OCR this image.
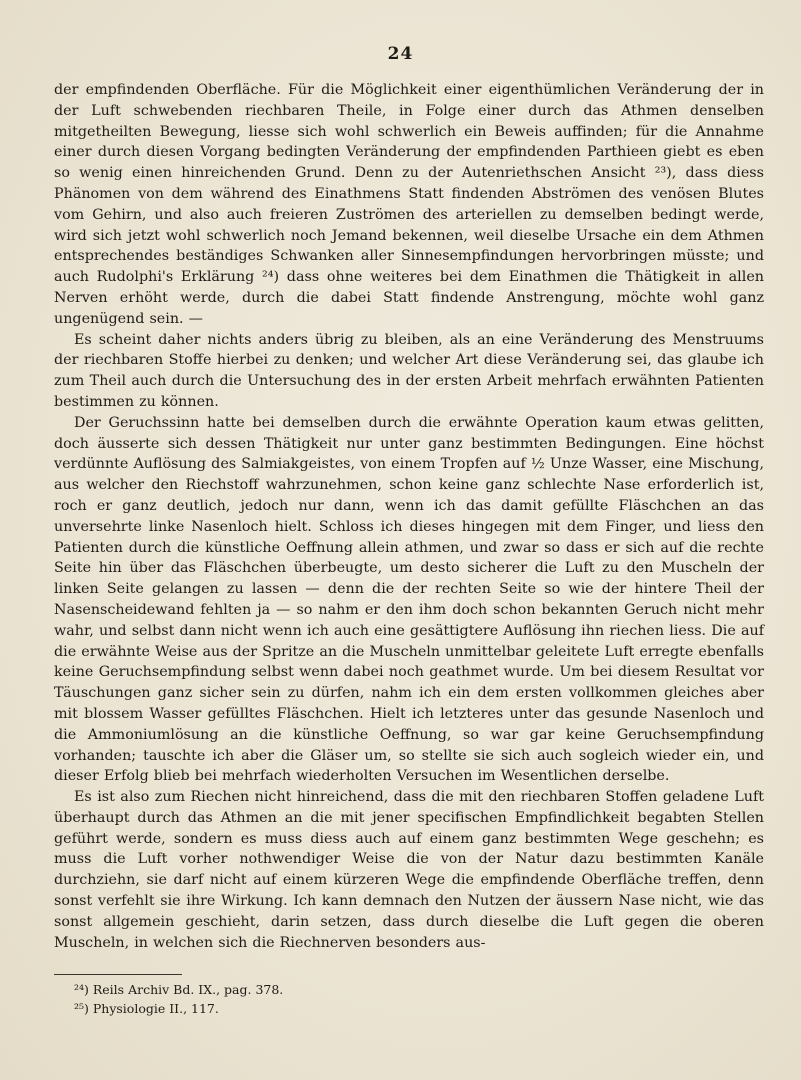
24

der empfindenden Oberfläche. Für die Möglichkeit einer eigenthümlichen Veränderung der in der Luft schwebenden riechbaren Theile, in Folge einer durch das Athmen denselben mitgetheilten Bewegung, liesse sich wohl schwerlich ein Beweis auffinden; für die Annahme einer durch diesen Vorgang bedingten Veränderung der empfindenden Parthieen giebt es eben so wenig einen hinreichenden Grund. Denn zu der Autenriethschen Ansicht ²³), dass diess Phänomen von dem während des Einathmens Statt findenden Abströmen des venösen Blutes vom Gehirn, und also auch freieren Zuströmen des arteriellen zu demselben bedingt werde, wird sich jetzt wohl schwerlich noch Jemand bekennen, weil dieselbe Ursache ein dem Athmen entsprechendes beständiges Schwanken aller Sinnesempfindungen hervorbringen müsste; und auch Rudolphi's Erklärung ²⁴) dass ohne weiteres bei dem Einathmen die Thätigkeit in allen Nerven erhöht werde, durch die dabei Statt findende Anstrengung, möchte wohl ganz ungenügend sein. —

Es scheint daher nichts anders übrig zu bleiben, als an eine Veränderung des Menstruums der riechbaren Stoffe hierbei zu denken; und welcher Art diese Veränderung sei, das glaube ich zum Theil auch durch die Untersuchung des in der ersten Arbeit mehrfach erwähnten Patienten bestimmen zu können.

Der Geruchssinn hatte bei demselben durch die erwähnte Operation kaum etwas gelitten, doch äusserte sich dessen Thätigkeit nur unter ganz bestimmten Bedingungen. Eine höchst verdünnte Auflösung des Salmiakgeistes, von einem Tropfen auf ½ Unze Wasser, eine Mischung, aus welcher den Riechstoff wahrzunehmen, schon keine ganz schlechte Nase erforderlich ist, roch er ganz deutlich, jedoch nur dann, wenn ich das damit gefüllte Fläschchen an das unversehrte linke Nasenloch hielt. Schloss ich dieses hingegen mit dem Finger, und liess den Patienten durch die künstliche Oeffnung allein athmen, und zwar so dass er sich auf die rechte Seite hin über das Fläschchen überbeugte, um desto sicherer die Luft zu den Muscheln der linken Seite gelangen zu lassen — denn die der rechten Seite so wie der hintere Theil der Nasenscheidewand fehlten ja — so nahm er den ihm doch schon bekannten Geruch nicht mehr wahr, und selbst dann nicht wenn ich auch eine gesättigtere Auflösung ihn riechen liess. Die auf die erwähnte Weise aus der Spritze an die Muscheln unmittelbar geleitete Luft erregte ebenfalls keine Geruchsempfindung selbst wenn dabei noch geathmet wurde. Um bei diesem Resultat vor Täuschungen ganz sicher sein zu dürfen, nahm ich ein dem ersten vollkommen gleiches aber mit blossem Wasser gefülltes Fläschchen. Hielt ich letzteres unter das gesunde Nasenloch und die Ammoniumlösung an die künstliche Oeffnung, so war gar keine Geruchsempfindung vorhanden; tauschte ich aber die Gläser um, so stellte sie sich auch sogleich wieder ein, und dieser Erfolg blieb bei mehrfach wiederholten Versuchen im Wesentlichen derselbe.

Es ist also zum Riechen nicht hinreichend, dass die mit den riechbaren Stoffen geladene Luft überhaupt durch das Athmen an die mit jener specifischen Empfindlichkeit begabten Stellen geführt werde, sondern es muss diess auch auf einem ganz bestimmten Wege geschehn; es muss die Luft vorher nothwendiger Weise die von der Natur dazu bestimmten Kanäle durchziehn, sie darf nicht auf einem kürzeren Wege die empfindende Oberfläche treffen, denn sonst verfehlt sie ihre Wirkung. Ich kann demnach den Nutzen der äussern Nase nicht, wie das sonst allgemein geschieht, darin setzen, dass durch dieselbe die Luft gegen die oberen Muscheln, in welchen sich die Riechnerven besonders aus-

²⁴) Reils Archiv Bd. IX., pag. 378.
²⁵) Physiologie II., 117.
